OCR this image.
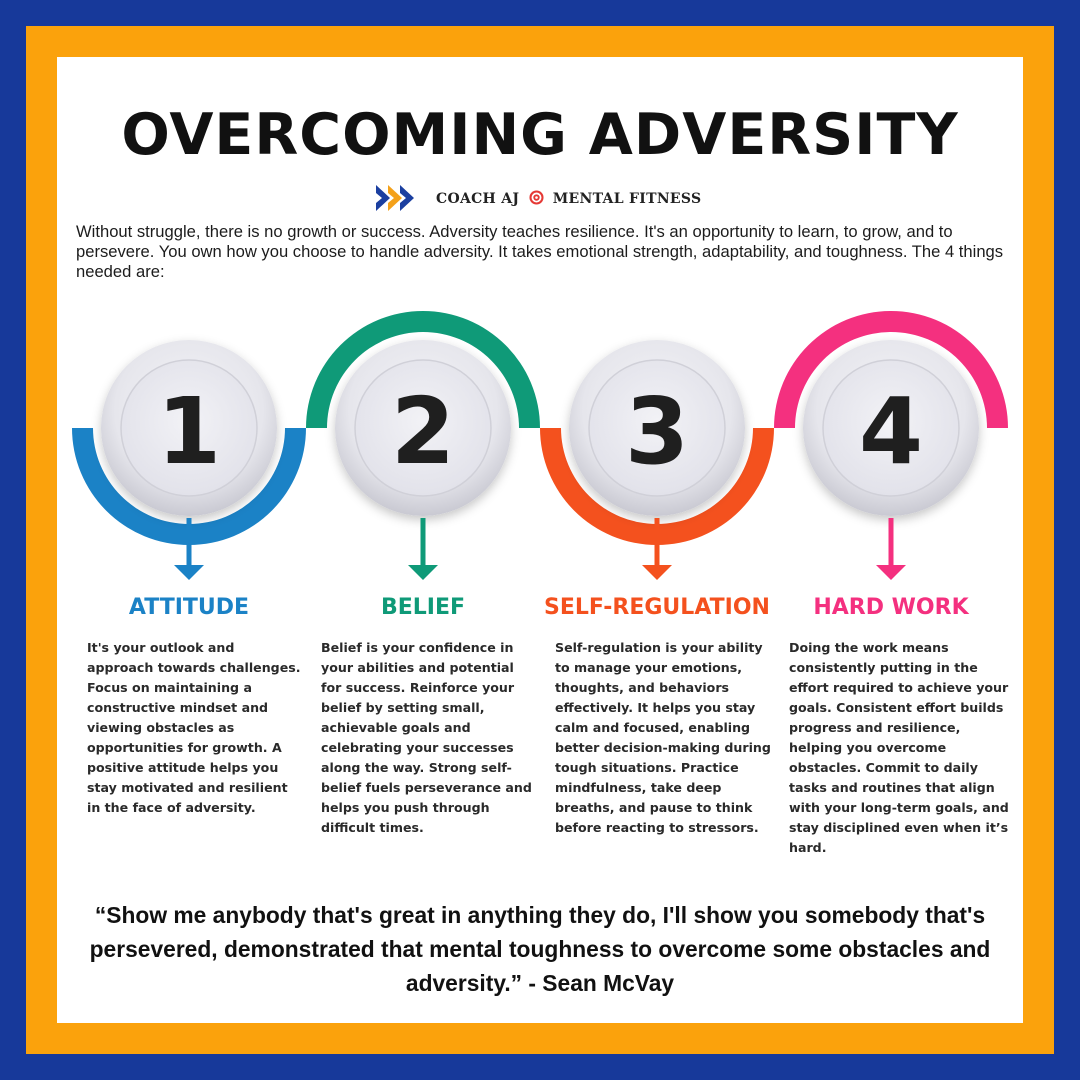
OVERCOMING ADVERSITY
COACH AJ MENTAL FITNESS

Without struggle, there is no growth or success. Adversity teaches resilience. It's an opportunity to learn, to grow, and to persevere. You own how you choose to handle adversity. It takes emotional strength, adaptability, and toughness. The 4 things needed are:

1 2 3 4
ATTITUDE	BELIEF	SELF-REGULATION	HARD WORK

It's your outlook and approach towards challenges. Focus on maintaining a constructive mindset and viewing obstacles as opportunities for growth. A positive attitude helps you stay motivated and resilient in the face of adversity.

Belief is your confidence in your abilities and potential for success. Reinforce your belief by setting small, achievable goals and celebrating your successes along the way. Strong self-belief fuels perseverance and helps you push through difficult times.

Self-regulation is your ability to manage your emotions, thoughts, and behaviors effectively. It helps you stay calm and focused, enabling better decision-making during tough situations. Practice mindfulness, take deep breaths, and pause to think before reacting to stressors.

Doing the work means consistently putting in the effort required to achieve your goals. Consistent effort builds progress and resilience, helping you overcome obstacles. Commit to daily tasks and routines that align with your long-term goals, and stay disciplined even when it’s hard.

“Show me anybody that's great in anything they do, I'll show you somebody that's persevered, demonstrated that mental toughness to overcome some obstacles and adversity.” - Sean McVay
